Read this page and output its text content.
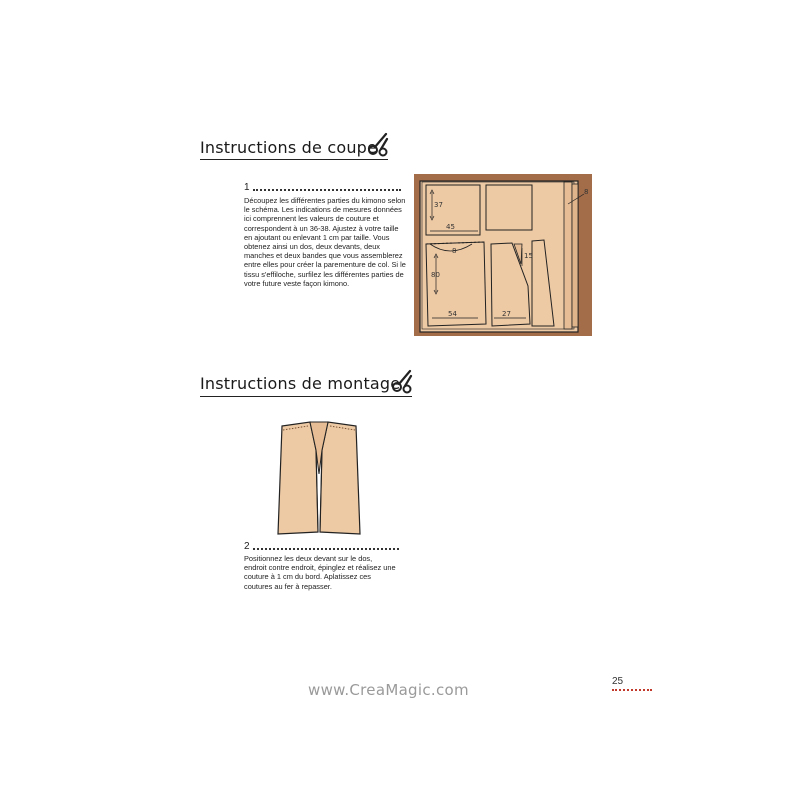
Instructions de coupe
1
Découpez les différentes parties du kimono selon le schéma. Les indications de mesures données ici comprennent les valeurs de couture et correspondent à un 36-38. Ajustez à votre taille en ajoutant ou enlevant 1 cm par taille. Vous obtenez ainsi un dos, deux devants, deux manches et deux bandes que vous assemblerez entre elles pour créer la parementure de col. Si le tissu s'effiloche, surfilez les différentes parties de votre future veste façon kimono.
37
45
8
80
54	27
15
8
Instructions de montage
2
Positionnez les deux devant sur le dos, endroit contre endroit, épinglez et réalisez une couture à 1 cm du bord. Aplatissez ces coutures au fer à repasser.
25
www.CreaMagic.com
